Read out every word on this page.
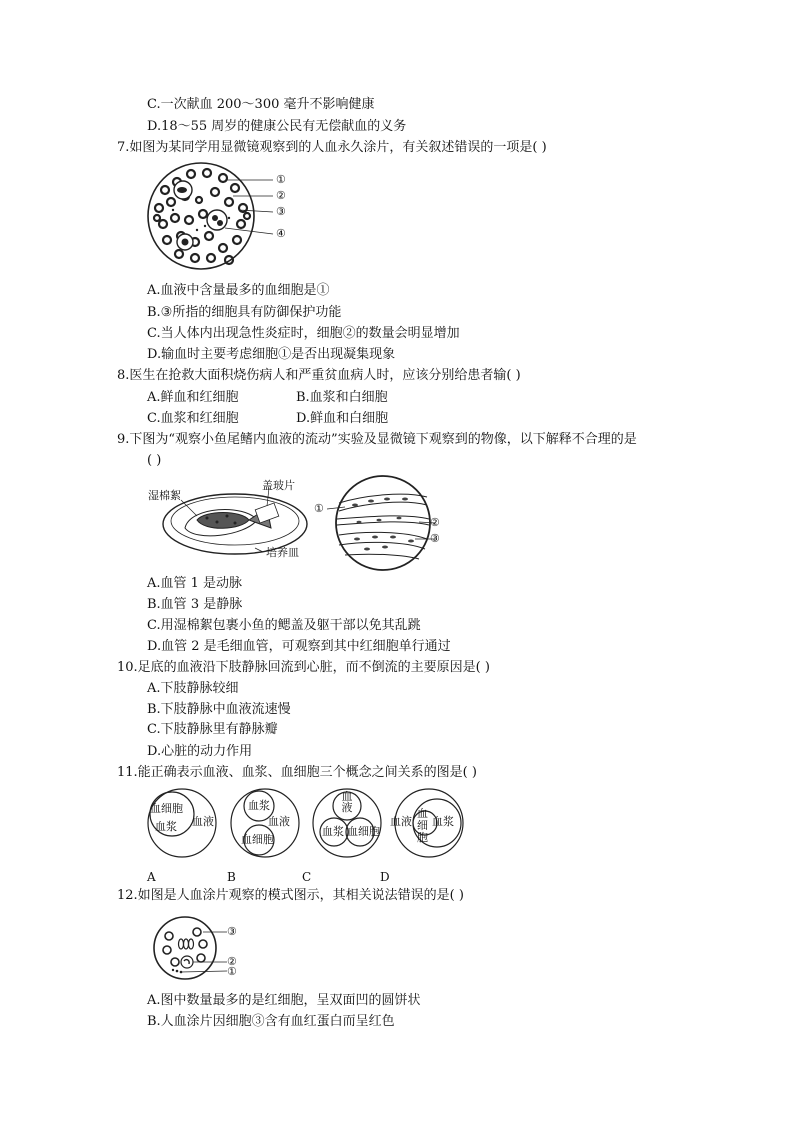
C.一次献血 200～300 毫升不影响健康
D.18～55 周岁的健康公民有无偿献血的义务
7.如图为某同学用显微镜观察到的人血永久涂片，有关叙述错误的一项是( )
①
②
③
④
A.血液中含量最多的血细胞是①
B.③所指的细胞具有防御保护功能
C.当人体内出现急性炎症时，细胞②的数量会明显增加
D.输血时主要考虑细胞①是否出现凝集现象
8.医生在抢救大面积烧伤病人和严重贫血病人时，应该分别给患者输( )
A.鲜血和红细胞	B.血浆和白细胞
C.血浆和红细胞	D.鲜血和白细胞
9.下图为“观察小鱼尾鳍内血液的流动”实验及显微镜下观察到的物像，以下解释不合理的是
( )
湿棉絮
盖玻片
培养皿
①
②
③
A.血管 1 是动脉
B.血管 3 是静脉
C.用湿棉絮包裹小鱼的鳃盖及躯干部以免其乱跳
D.血管 2 是毛细血管，可观察到其中红细胞单行通过
10.足底的血液沿下肢静脉回流到心脏，而不倒流的主要原因是( )
A.下肢静脉较细
B.下肢静脉中血液流速慢
C.下肢静脉里有静脉瓣
D.心脏的动力作用
11.能正确表示血液、血浆、血细胞三个概念之间关系的图是( )
血细胞
血浆 血液
血浆
血液
血细胞
血液
血浆 血细胞
血液
血细胞
血浆
A	B	C	D
12.如图是人血涂片观察的模式图示，其相关说法错误的是( )
③
②
①
A.图中数量最多的是红细胞，呈双面凹的圆饼状
B.人血涂片因细胞③含有血红蛋白而呈红色
